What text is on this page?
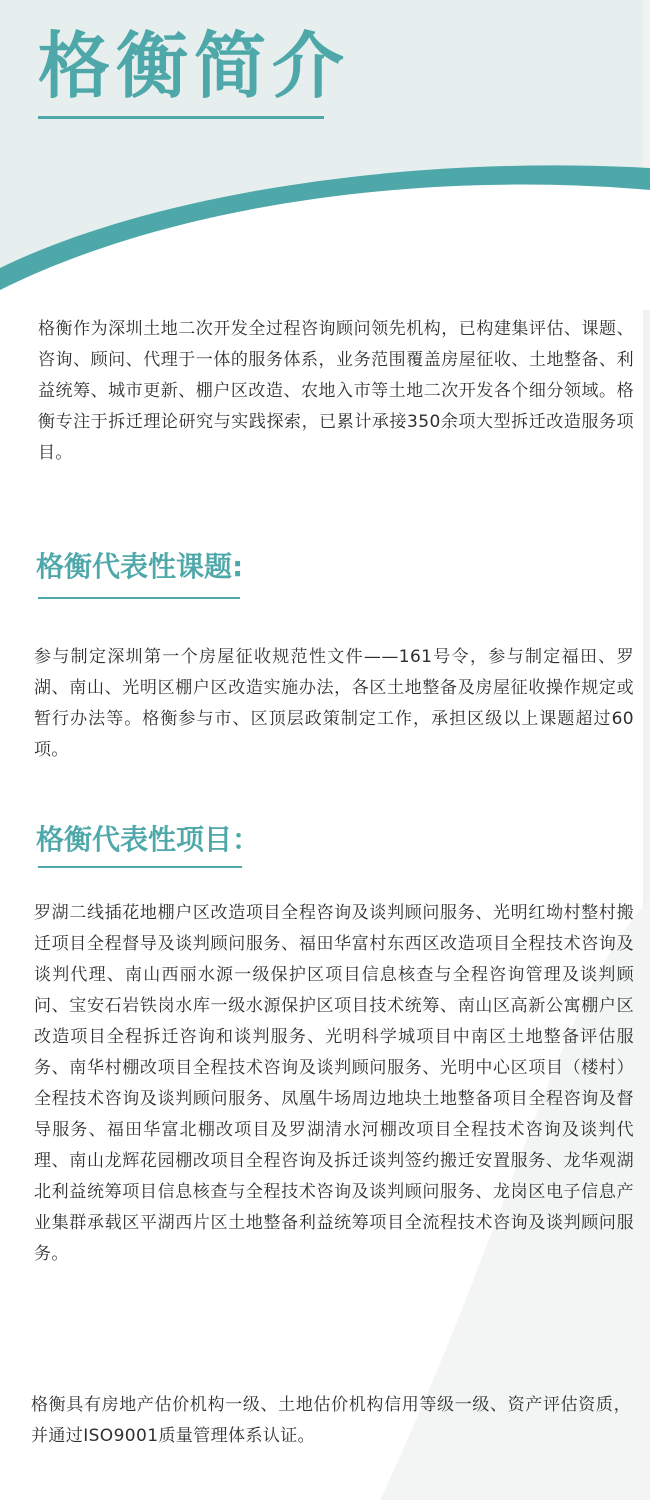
格衡简介

格衡作为深圳土地二次开发全过程咨询顾问领先机构，已构建集评估、课题、咨询、顾问、代理于一体的服务体系，业务范围覆盖房屋征收、土地整备、利益统筹、城市更新、棚户区改造、农地入市等土地二次开发各个细分领域。格衡专注于拆迁理论研究与实践探索，已累计承接350余项大型拆迁改造服务项目。

格衡代表性课题:

参与制定深圳第一个房屋征收规范性文件——161号令，参与制定福田、罗湖、南山、光明区棚户区改造实施办法，各区土地整备及房屋征收操作规定或暂行办法等。格衡参与市、区顶层政策制定工作，承担区级以上课题超过60项。

格衡代表性项目：

罗湖二线插花地棚户区改造项目全程咨询及谈判顾问服务、光明红坳村整村搬迁项目全程督导及谈判顾问服务、福田华富村东西区改造项目全程技术咨询及谈判代理、南山西丽水源一级保护区项目信息核查与全程咨询管理及谈判顾问、宝安石岩铁岗水库一级水源保护区项目技术统筹、南山区高新公寓棚户区改造项目全程拆迁咨询和谈判服务、光明科学城项目中南区土地整备评估服务、南华村棚改项目全程技术咨询及谈判顾问服务、光明中心区项目（楼村）全程技术咨询及谈判顾问服务、凤凰牛场周边地块土地整备项目全程咨询及督导服务、福田华富北棚改项目及罗湖清水河棚改项目全程技术咨询及谈判代理、南山龙辉花园棚改项目全程咨询及拆迁谈判签约搬迁安置服务、龙华观湖北利益统筹项目信息核查与全程技术咨询及谈判顾问服务、龙岗区电子信息产业集群承载区平湖西片区土地整备利益统筹项目全流程技术咨询及谈判顾问服务。

格衡具有房地产估价机构一级、土地估价机构信用等级一级、资产评估资质，并通过ISO9001质量管理体系认证。
